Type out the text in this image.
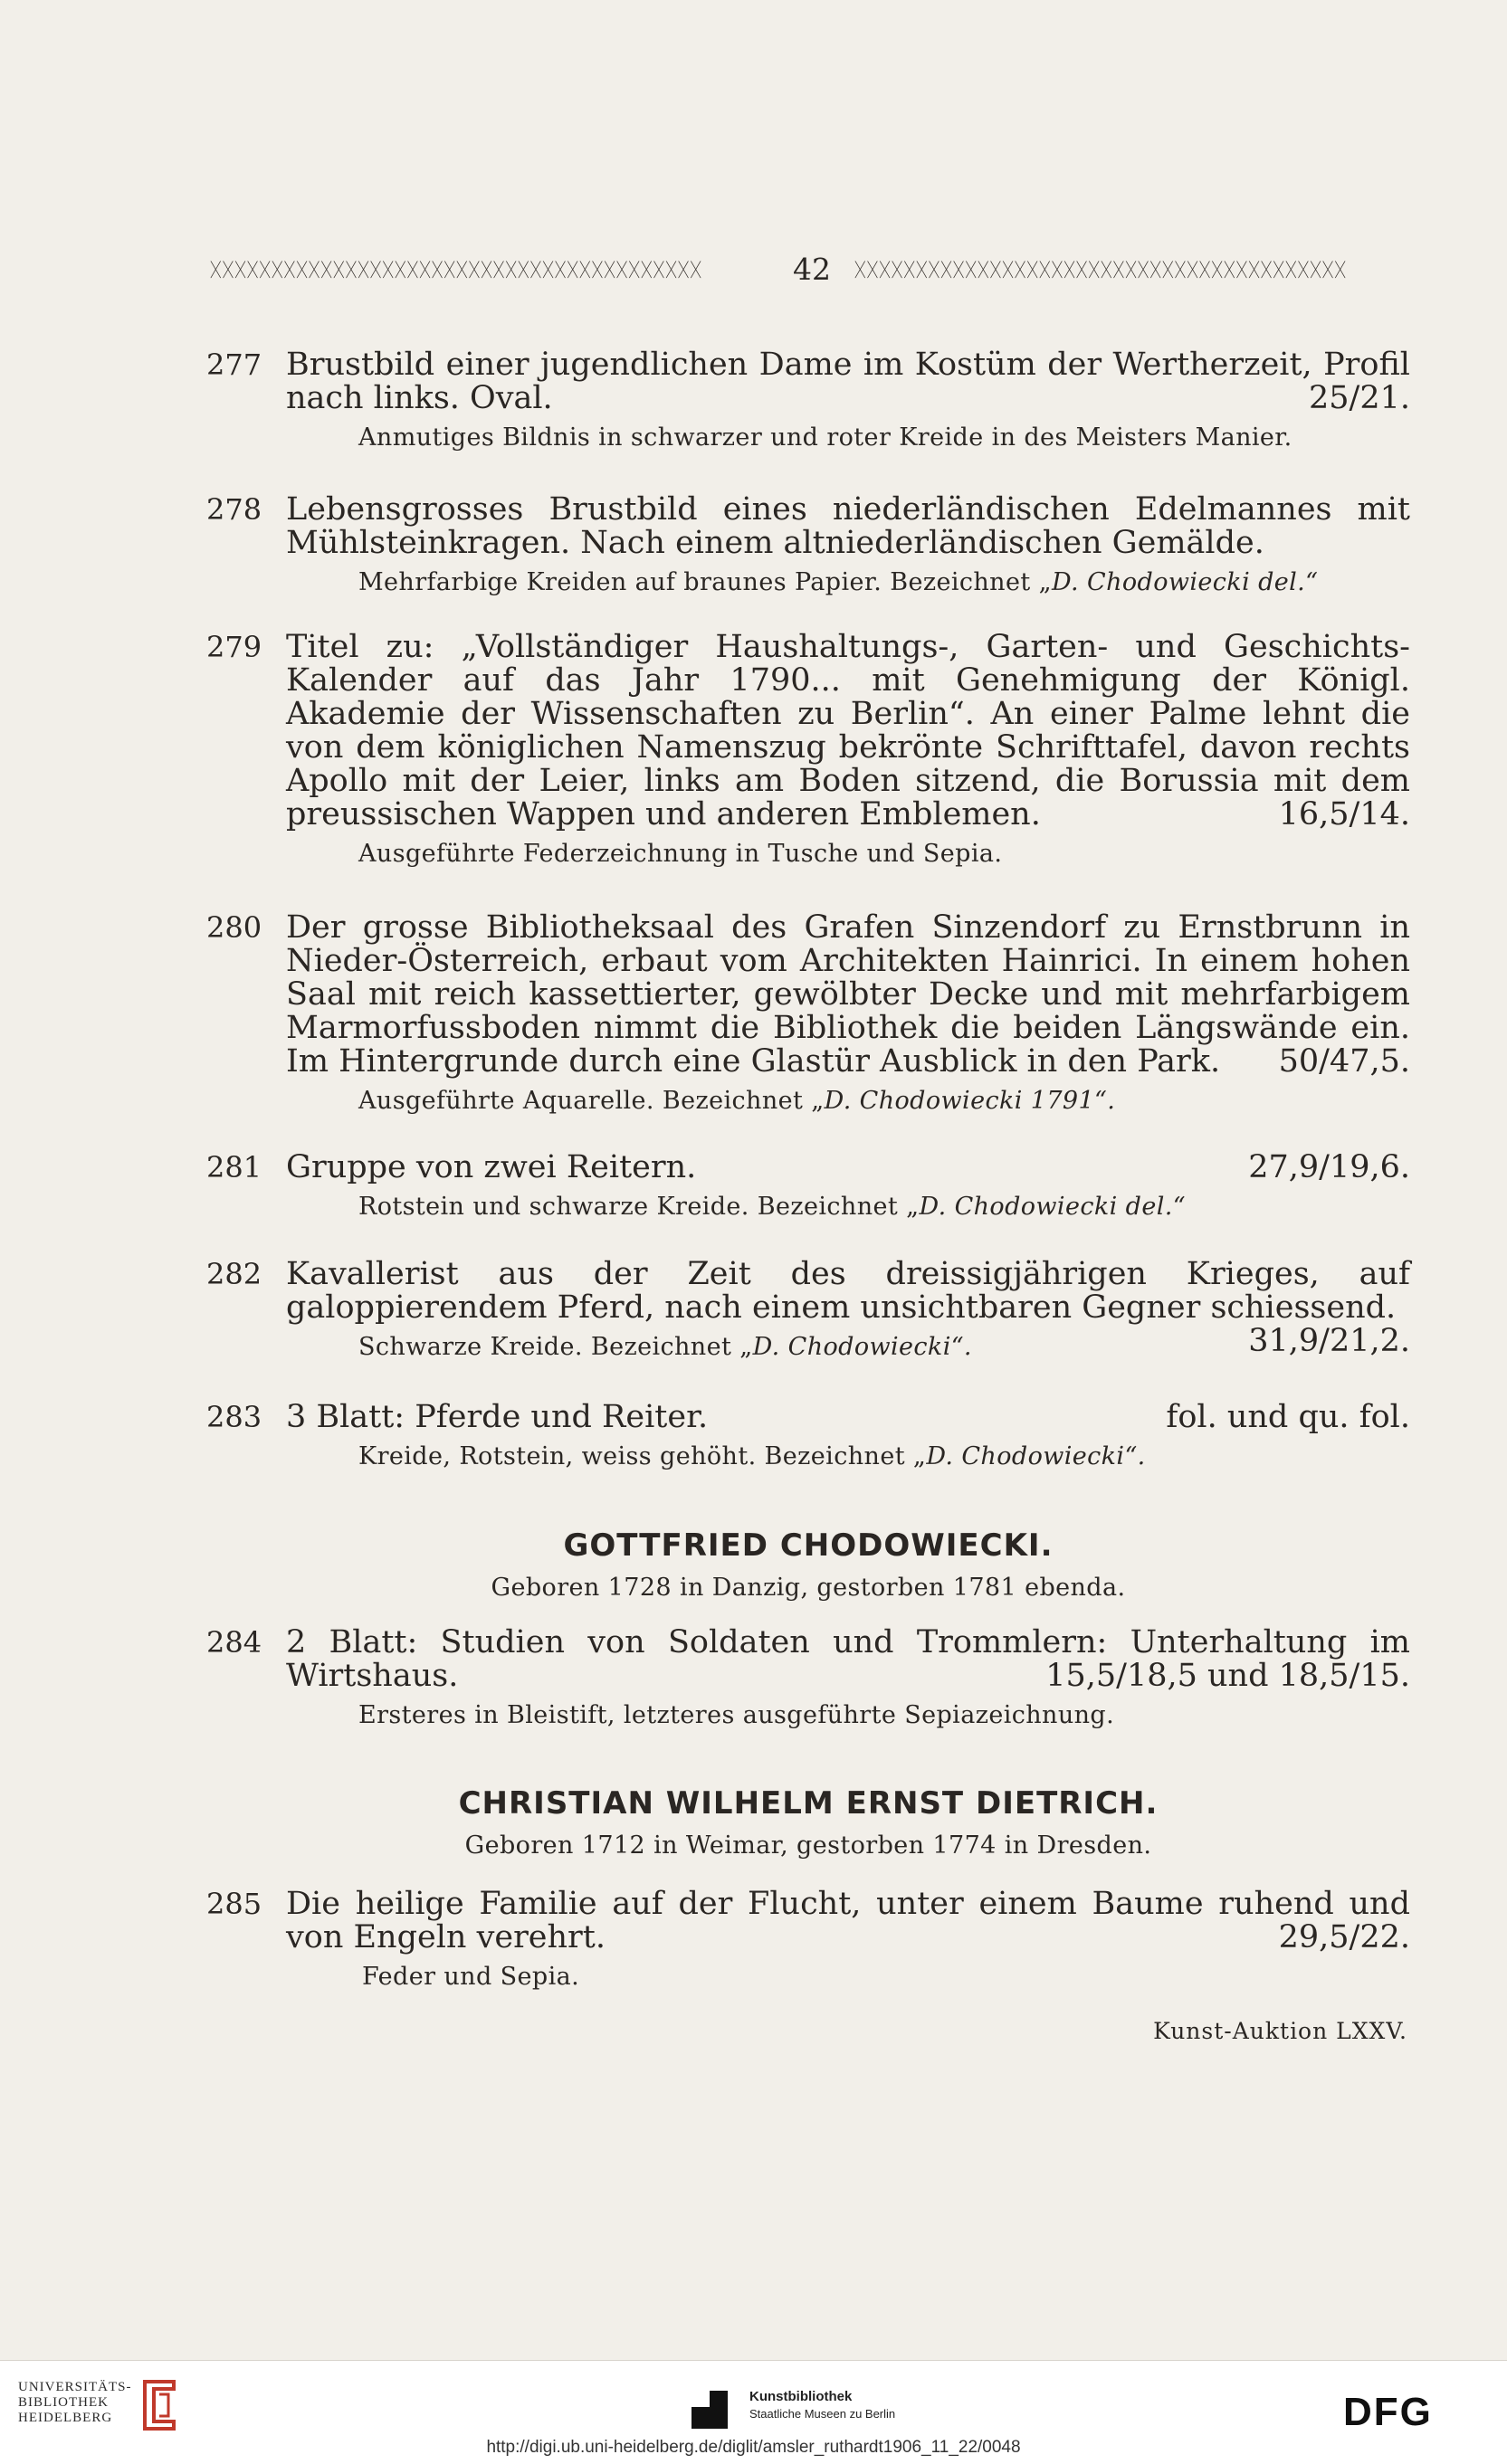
ᚷᚷᚷᚷᚷᚷᚷᚷᚷᚷᚷᚷᚷᚷᚷᚷᚷᚷᚷᚷᚷᚷᚷᚷᚷᚷᚷᚷᚷᚷᚷᚷᚷᚷᚷᚷᚷᚷᚷᚷ	42	ᚷᚷᚷᚷᚷᚷᚷᚷᚷᚷᚷᚷᚷᚷᚷᚷᚷᚷᚷᚷᚷᚷᚷᚷᚷᚷᚷᚷᚷᚷᚷᚷᚷᚷᚷᚷᚷᚷᚷᚷ
277 Brustbild einer jugendlichen Dame im Kostüm der Wertherzeit, Profil nach links. Oval.	25/21.
Anmutiges Bildnis in schwarzer und roter Kreide in des Meisters Manier.
278 Lebensgrosses Brustbild eines niederländischen Edelmannes mit Mühlsteinkragen. Nach einem altniederländischen Gemälde.
Mehrfarbige Kreiden auf braunes Papier. Bezeichnet „D. Chodowiecki del.“
279 Titel zu: „Vollständiger Haushaltungs-, Garten- und Geschichts-Kalender auf das Jahr 1790... mit Genehmigung der Königl. Akademie der Wissenschaften zu Berlin“. An einer Palme lehnt die von dem königlichen Namenszug bekrönte Schrifttafel, davon rechts Apollo mit der Leier, links am Boden sitzend, die Borussia mit dem preussischen Wappen und anderen Emblemen.	16,5/14.
Ausgeführte Federzeichnung in Tusche und Sepia.
280 Der grosse Bibliotheksaal des Grafen Sinzendorf zu Ernstbrunn in Nieder-Österreich, erbaut vom Architekten Hainrici. In einem hohen Saal mit reich kassettierter, gewölbter Decke und mit mehrfarbigem Marmorfussboden nimmt die Bibliothek die beiden Längswände ein. Im Hintergrunde durch eine Glastür Ausblick in den Park. 50/47,5.
Ausgeführte Aquarelle. Bezeichnet „D. Chodowiecki 1791“.
281 Gruppe von zwei Reitern.	27,9/19,6.
Rotstein und schwarze Kreide. Bezeichnet „D. Chodowiecki del.“
282 Kavallerist aus der Zeit des dreissigjährigen Krieges, auf galoppierendem Pferd, nach einem unsichtbaren Gegner schiessend.
31,9/21,2.
Schwarze Kreide. Bezeichnet „D. Chodowiecki“.
283 3 Blatt: Pferde und Reiter.	fol. und qu. fol.
Kreide, Rotstein, weiss gehöht. Bezeichnet „D. Chodowiecki“.
GOTTFRIED CHODOWIECKI.
Geboren 1728 in Danzig, gestorben 1781 ebenda.
284 2 Blatt: Studien von Soldaten und Trommlern: Unterhaltung im Wirtshaus.	15,5/18,5 und 18,5/15.
Ersteres in Bleistift, letzteres ausgeführte Sepiazeichnung.
CHRISTIAN WILHELM ERNST DIETRICH.
Geboren 1712 in Weimar, gestorben 1774 in Dresden.
285 Die heilige Familie auf der Flucht, unter einem Baume ruhend und von Engeln verehrt.	29,5/22.
Feder und Sepia.
Kunst-Auktion LXXV.
UNIVERSITÄTS-
BIBLIOTHEK
HEIDELBERG
Kunstbibliothek
Staatliche Museen zu Berlin	DFG
http://digi.ub.uni-heidelberg.de/diglit/amsler_ruthardt1906_11_22/0048
